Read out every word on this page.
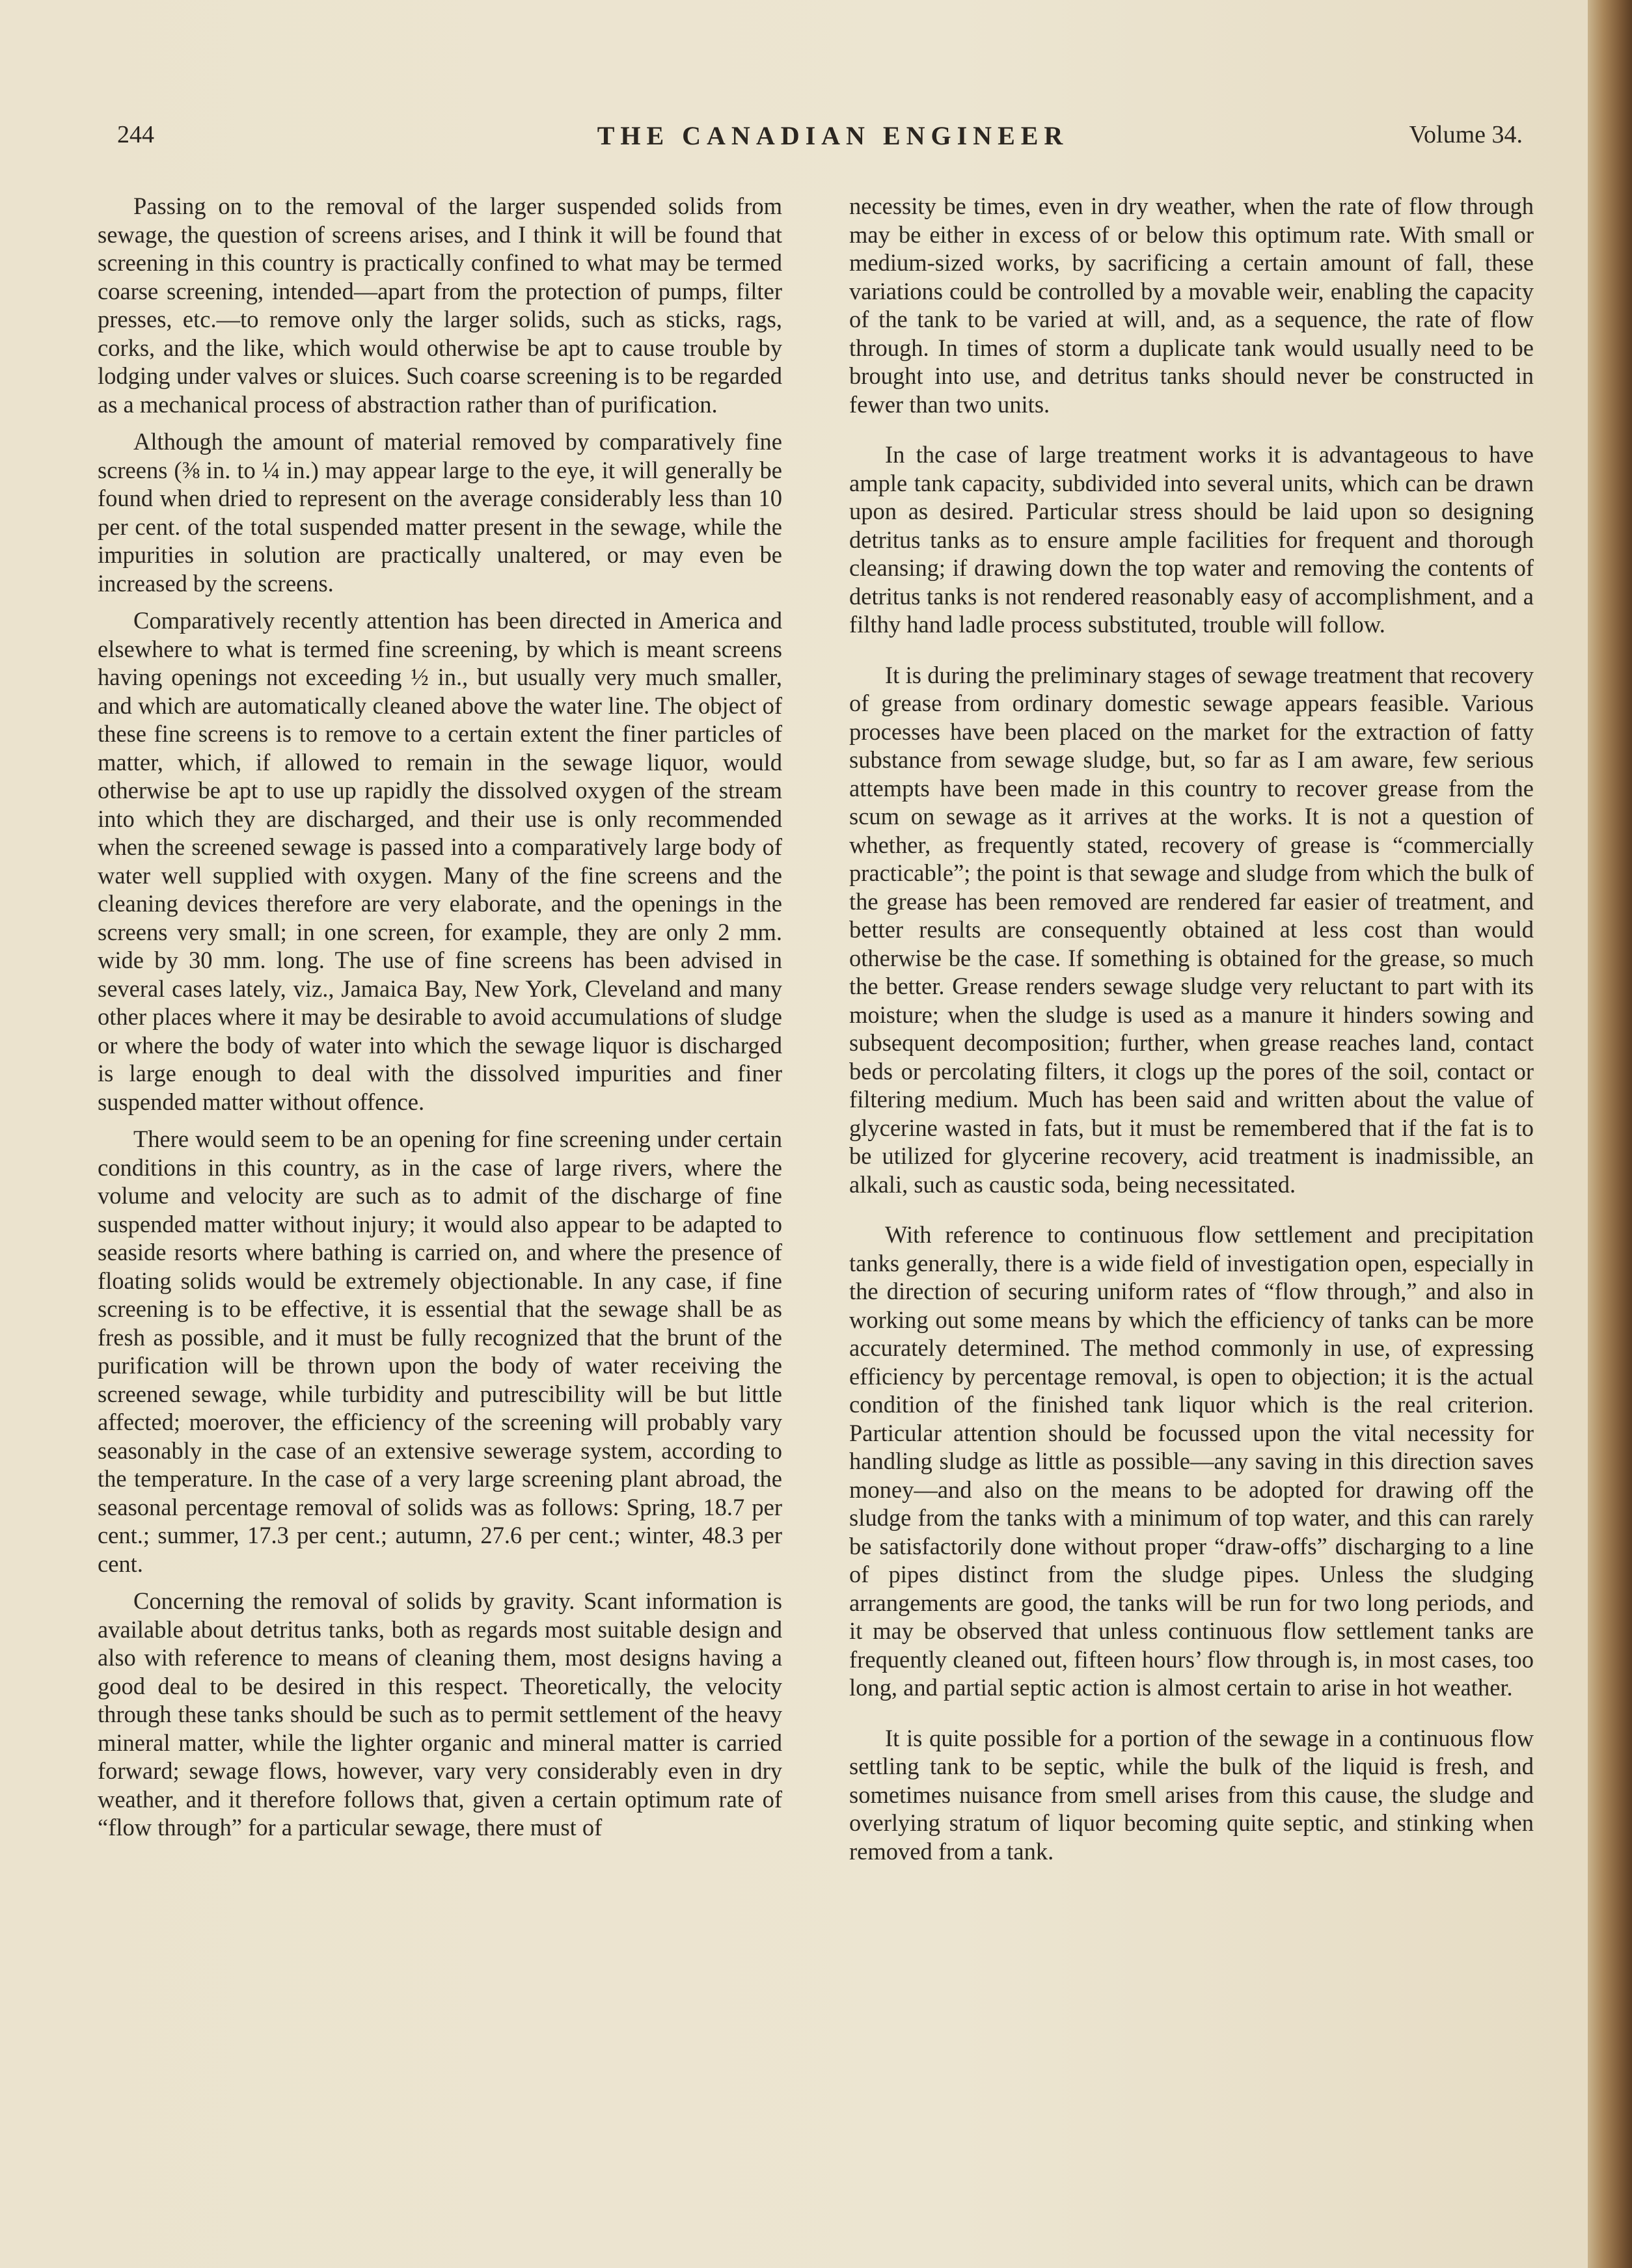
244	THE CANADIAN ENGINEER	Volume 34.

Passing on to the removal of the larger suspended solids from sewage, the question of screens arises, and I think it will be found that screening in this country is practically confined to what may be termed coarse screening, intended—apart from the protection of pumps, filter presses, etc.—to remove only the larger solids, such as sticks, rags, corks, and the like, which would otherwise be apt to cause trouble by lodging under valves or sluices. Such coarse screening is to be regarded as a mechanical process of abstraction rather than of purification.

Although the amount of material removed by comparatively fine screens (⅜ in. to ¼ in.) may appear large to the eye, it will generally be found when dried to represent on the average considerably less than 10 per cent. of the total suspended matter present in the sewage, while the impurities in solution are practically unaltered, or may even be increased by the screens.

Comparatively recently attention has been directed in America and elsewhere to what is termed fine screening, by which is meant screens having openings not exceeding ½ in., but usually very much smaller, and which are automatically cleaned above the water line. The object of these fine screens is to remove to a certain extent the finer particles of matter, which, if allowed to remain in the sewage liquor, would otherwise be apt to use up rapidly the dissolved oxygen of the stream into which they are discharged, and their use is only recommended when the screened sewage is passed into a comparatively large body of water well supplied with oxygen. Many of the fine screens and the cleaning devices therefore are very elaborate, and the openings in the screens very small; in one screen, for example, they are only 2 mm. wide by 30 mm. long. The use of fine screens has been advised in several cases lately, viz., Jamaica Bay, New York, Cleveland and many other places where it may be desirable to avoid accumulations of sludge or where the body of water into which the sewage liquor is discharged is large enough to deal with the dissolved impurities and finer suspended matter without offence.

There would seem to be an opening for fine screening under certain conditions in this country, as in the case of large rivers, where the volume and velocity are such as to admit of the discharge of fine suspended matter without injury; it would also appear to be adapted to seaside resorts where bathing is carried on, and where the presence of floating solids would be extremely objectionable. In any case, if fine screening is to be effective, it is essential that the sewage shall be as fresh as possible, and it must be fully recognized that the brunt of the purification will be thrown upon the body of water receiving the screened sewage, while turbidity and putrescibility will be but little affected; moerover, the efficiency of the screening will probably vary seasonably in the case of an extensive sewerage system, according to the temperature. In the case of a very large screening plant abroad, the seasonal percentage removal of solids was as follows: Spring, 18.7 per cent.; summer, 17.3 per cent.; autumn, 27.6 per cent.; winter, 48.3 per cent.

Concerning the removal of solids by gravity. Scant information is available about detritus tanks, both as regards most suitable design and also with reference to means of cleaning them, most designs having a good deal to be desired in this respect. Theoretically, the velocity through these tanks should be such as to permit settlement of the heavy mineral matter, while the lighter organic and mineral matter is carried forward; sewage flows, however, vary very considerably even in dry weather, and it therefore follows that, given a certain optimum rate of “flow through” for a particular sewage, there must of

necessity be times, even in dry weather, when the rate of flow through may be either in excess of or below this optimum rate. With small or medium-sized works, by sacrificing a certain amount of fall, these variations could be controlled by a movable weir, enabling the capacity of the tank to be varied at will, and, as a sequence, the rate of flow through. In times of storm a duplicate tank would usually need to be brought into use, and detritus tanks should never be constructed in fewer than two units.

In the case of large treatment works it is advantageous to have ample tank capacity, subdivided into several units, which can be drawn upon as desired. Particular stress should be laid upon so designing detritus tanks as to ensure ample facilities for frequent and thorough cleansing; if drawing down the top water and removing the contents of detritus tanks is not rendered reasonably easy of accomplishment, and a filthy hand ladle process substituted, trouble will follow.

It is during the preliminary stages of sewage treatment that recovery of grease from ordinary domestic sewage appears feasible. Various processes have been placed on the market for the extraction of fatty substance from sewage sludge, but, so far as I am aware, few serious attempts have been made in this country to recover grease from the scum on sewage as it arrives at the works. It is not a question of whether, as frequently stated, recovery of grease is “commercially practicable”; the point is that sewage and sludge from which the bulk of the grease has been removed are rendered far easier of treatment, and better results are consequently obtained at less cost than would otherwise be the case. If something is obtained for the grease, so much the better. Grease renders sewage sludge very reluctant to part with its moisture; when the sludge is used as a manure it hinders sowing and subsequent decomposition; further, when grease reaches land, contact beds or percolating filters, it clogs up the pores of the soil, contact or filtering medium. Much has been said and written about the value of glycerine wasted in fats, but it must be remembered that if the fat is to be utilized for glycerine recovery, acid treatment is inadmissible, an alkali, such as caustic soda, being necessitated.

With reference to continuous flow settlement and precipitation tanks generally, there is a wide field of investigation open, especially in the direction of securing uniform rates of “flow through,” and also in working out some means by which the efficiency of tanks can be more accurately determined. The method commonly in use, of expressing efficiency by percentage removal, is open to objection; it is the actual condition of the finished tank liquor which is the real criterion. Particular attention should be focussed upon the vital necessity for handling sludge as little as possible—any saving in this direction saves money—and also on the means to be adopted for drawing off the sludge from the tanks with a minimum of top water, and this can rarely be satisfactorily done without proper “draw-offs” discharging to a line of pipes distinct from the sludge pipes. Unless the sludging arrangements are good, the tanks will be run for two long periods, and it may be observed that unless continuous flow settlement tanks are frequently cleaned out, fifteen hours’ flow through is, in most cases, too long, and partial septic action is almost certain to arise in hot weather.

It is quite possible for a portion of the sewage in a continuous flow settling tank to be septic, while the bulk of the liquid is fresh, and sometimes nuisance from smell arises from this cause, the sludge and overlying stratum of liquor becoming quite septic, and stinking when removed from a tank.
